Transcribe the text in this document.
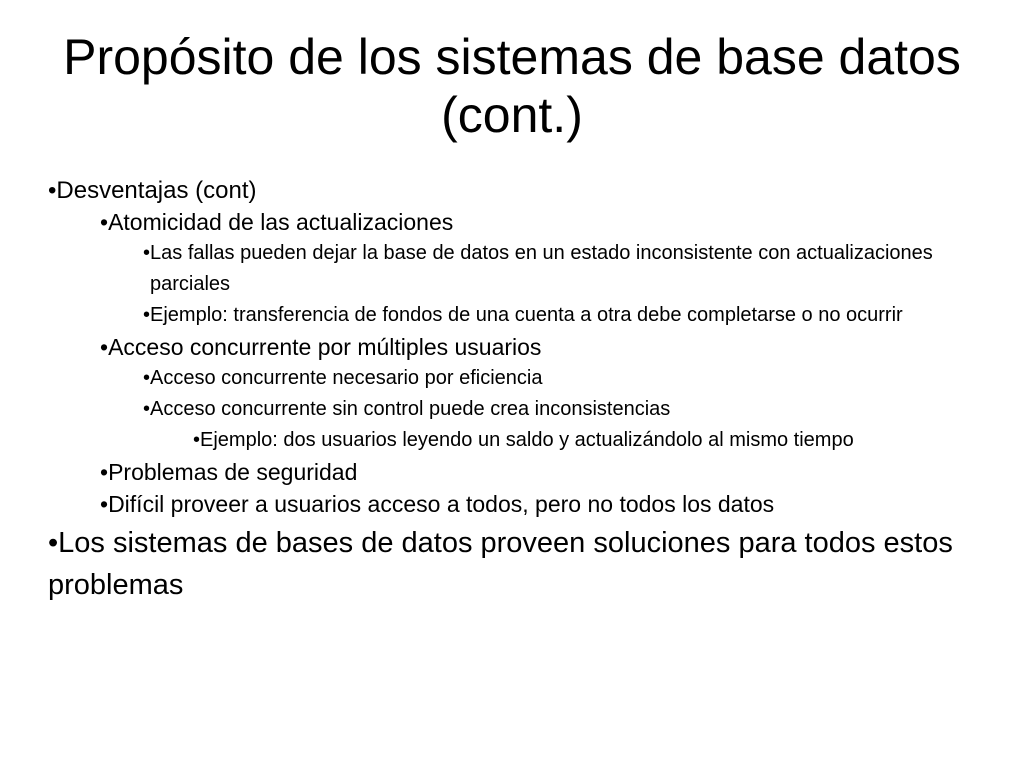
Propósito de los sistemas de base datos (cont.)

•Desventajas (cont)

•Atomicidad de las actualizaciones

•Las fallas pueden dejar la base de datos en un estado inconsistente con actualizaciones parciales

•Ejemplo: transferencia de fondos de una cuenta a otra debe completarse o no ocurrir

•Acceso concurrente por múltiples usuarios

•Acceso concurrente necesario por eficiencia

•Acceso concurrente sin control puede crea inconsistencias

•Ejemplo: dos usuarios leyendo un saldo y actualizándolo al mismo tiempo

•Problemas de seguridad

•Difícil proveer a usuarios acceso a todos, pero no todos los datos

•Los sistemas de bases de datos proveen soluciones para todos estos problemas
